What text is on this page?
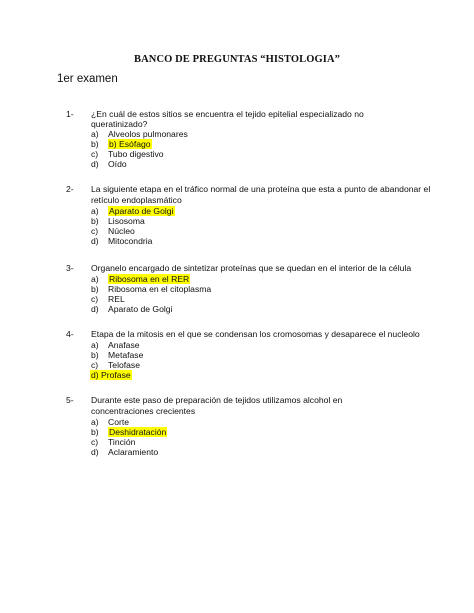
BANCO DE PREGUNTAS “HISTOLOGIA”
1er examen
1- ¿En cuál de estos sitios se encuentra el tejido epitelial especializado no
queratinizado?
a) Alveolos pulmonares
b) b) Esófago
c) Tubo digestivo
d) Oído
2- La siguiente etapa en el tráfico normal de una proteína que esta a punto de abandonar el
retículo endoplasmático
a) Aparato de Golgi
b) Lisosoma
c) Núcleo
d) Mitocondria
3- Organelo encargado de sintetizar proteínas que se quedan en el interior de la célula
a) Ribosoma en el RER
b) Ribosoma en el citoplasma
c) REL
d) Aparato de Golgi
4- Etapa de la mitosis en el que se condensan los cromosomas y desaparece el nucleolo
a) Anafase
b) Metafase
c) Telofase
d) Profase
5- Durante este paso de preparación de tejidos utilizamos alcohol en
concentraciones crecientes
a) Corte
b) Deshidratación
c) Tinción
d) Aclaramiento
